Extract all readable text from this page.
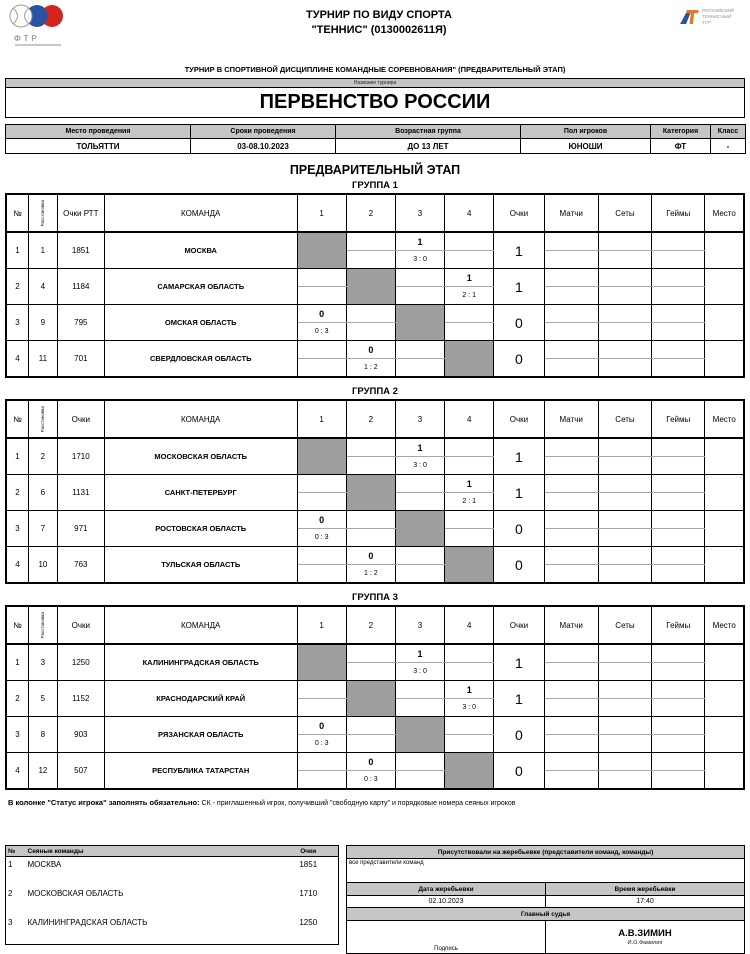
ФТР
ТУРНИР ПО ВИДУ СПОРТА
"ТЕННИС" (0130002611Я)
РОССИЙСКИЙ
ТЕННИСНЫЙ
ТУР
ТУРНИР В СПОРТИВНОЙ ДИСЦИПЛИНЕ КОМАНДНЫЕ СОРЕВНОВАНИЯ" (ПРЕДВАРИТЕЛЬНЫЙ ЭТАП)
Название турнира
ПЕРВЕНСТВО РОССИИ
Место проведения	Сроки проведения	Возрастная группа	Пол игроков	Категория	Класс
ТОЛЬЯТТИ	03-08.10.2023	ДО 13 ЛЕТ	ЮНОШИ	ФТ	-
ПРЕДВАРИТЕЛЬНЫЙ ЭТАП
ГРУППА 1
№	Расстановка	Очки РТТ	КОМАНДА	1	2	3	4	Очки	Матчи	Сеты	Геймы	Место
1	1	1851	МОСКВА			1		1				
						3 : 0						
2	4	1184	САМАРСКАЯ ОБЛАСТЬ				1	1				
							2 : 1					
3	9	795	ОМСКАЯ ОБЛАСТЬ	0				0				
				0 : 3								
4	11	701	СВЕРДЛОВСКАЯ ОБЛАСТЬ		0			0				
					1 : 2							
ГРУППА 2
№	Расстановка	Очки	КОМАНДА	1	2	3	4	Очки	Матчи	Сеты	Геймы	Место
1	2	1710	МОСКОВСКАЯ ОБЛАСТЬ			1		1				
						3 : 0						
2	6	1131	САНКТ-ПЕТЕРБУРГ				1	1				
							2 : 1					
3	7	971	РОСТОВСКАЯ ОБЛАСТЬ	0				0				
				0 : 3								
4	10	763	ТУЛЬСКАЯ ОБЛАСТЬ		0			0				
					1 : 2							
ГРУППА 3
№	Расстановка	Очки	КОМАНДА	1	2	3	4	Очки	Матчи	Сеты	Геймы	Место
1	3	1250	КАЛИНИНГРАДСКАЯ ОБЛАСТЬ			1		1				
						3 : 0						
2	5	1152	КРАСНОДАРСКИЙ КРАЙ				1	1				
							3 : 0					
3	8	903	РЯЗАНСКАЯ ОБЛАСТЬ	0				0				
				0 : 3								
4	12	507	РЕСПУБЛИКА ТАТАРСТАН		0			0				
					0 : 3							
В колонке "Статус игрока" заполнять обязательно: СК - приглашенный игрок, получивший "свободную карту" и порядковые номера сеяных игроков
№	Сеяные команды	Очки
1	МОСКВА	1851
2	МОСКОВСКАЯ ОБЛАСТЬ	1710
3	КАЛИНИНГРАДСКАЯ ОБЛАСТЬ	1250
Присутствовали на жеребьевке (представители команд, команды)	
все представители команд	
Дата жеребьевки	Время жеребьевки
02.10.2023	17:40
Главный судья	
Подпись	А.В.ЗИМИН
И.О.Фамилия
